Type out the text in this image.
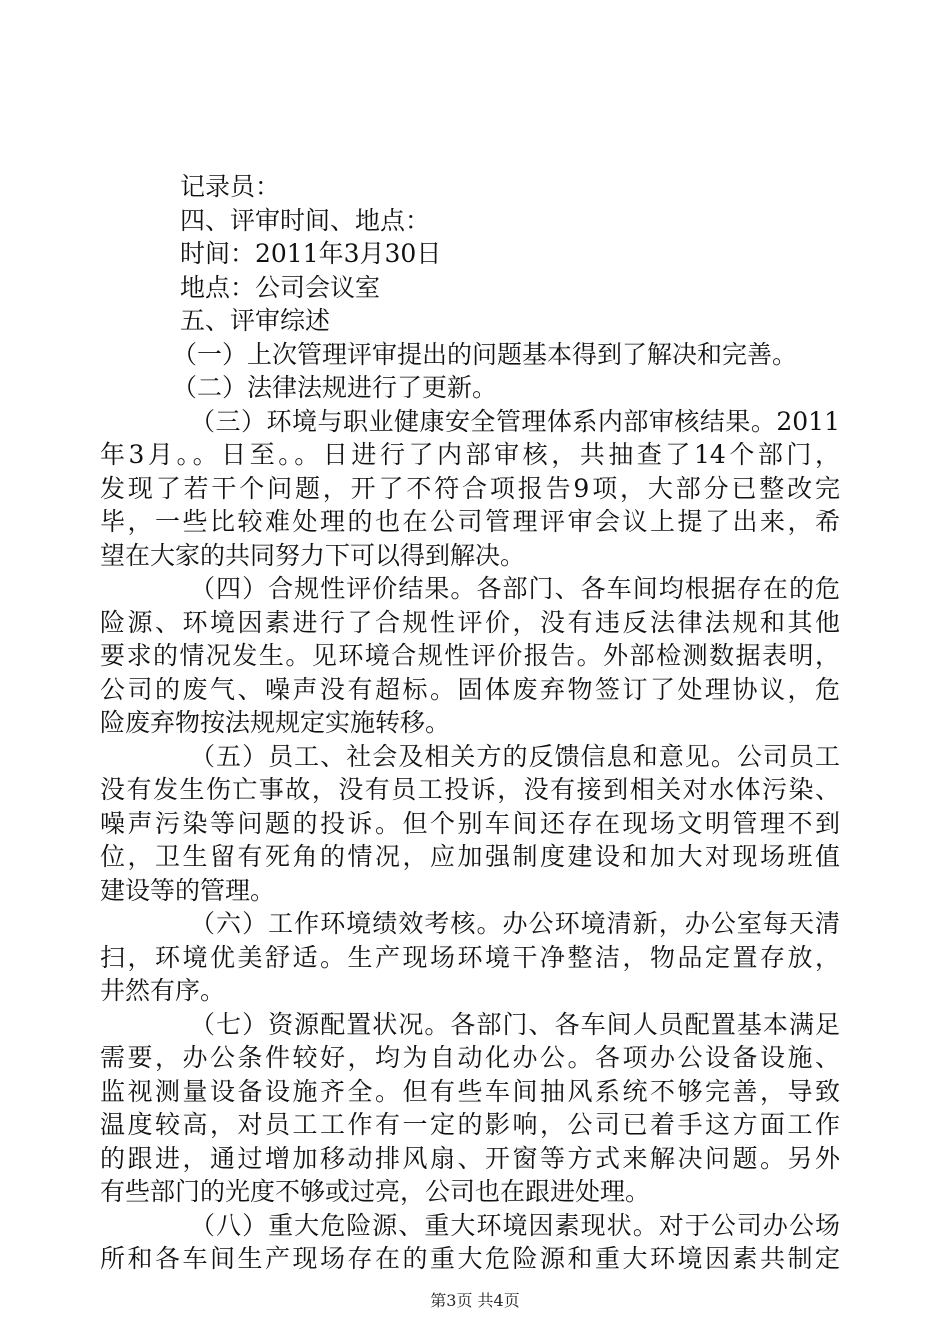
记录员：
四、评审时间、地点：
时间：2011年3月30日
地点：公司会议室
五、评审综述
（一）上次管理评审提出的问题基本得到了解决和完善。
（二）法律法规进行了更新。
（三）环境与职业健康安全管理体系内部审核结果。2011
年3月。。日至。。日进行了内部审核，共抽查了14个部门，
发现了若干个问题，开了不符合项报告9项，大部分已整改完
毕，一些比较难处理的也在公司管理评审会议上提了出来，希
望在大家的共同努力下可以得到解决。
（四）合规性评价结果。各部门、各车间均根据存在的危
险源、环境因素进行了合规性评价，没有违反法律法规和其他
要求的情况发生。见环境合规性评价报告。外部检测数据表明，
公司的废气、噪声没有超标。固体废弃物签订了处理协议，危
险废弃物按法规规定实施转移。
（五）员工、社会及相关方的反馈信息和意见。公司员工
没有发生伤亡事故，没有员工投诉，没有接到相关对水体污染、
噪声污染等问题的投诉。但个别车间还存在现场文明管理不到
位，卫生留有死角的情况，应加强制度建设和加大对现场班值
建设等的管理。
（六）工作环境绩效考核。办公环境清新，办公室每天清
扫，环境优美舒适。生产现场环境干净整洁，物品定置存放，
井然有序。
（七）资源配置状况。各部门、各车间人员配置基本满足
需要，办公条件较好，均为自动化办公。各项办公设备设施、
监视测量设备设施齐全。但有些车间抽风系统不够完善，导致
温度较高，对员工工作有一定的影响，公司已着手这方面工作
的跟进，通过增加移动排风扇、开窗等方式来解决问题。另外
有些部门的光度不够或过亮，公司也在跟进处理。
（八）重大危险源、重大环境因素现状。对于公司办公场
所和各车间生产现场存在的重大危险源和重大环境因素共制定
第3页 共4页
